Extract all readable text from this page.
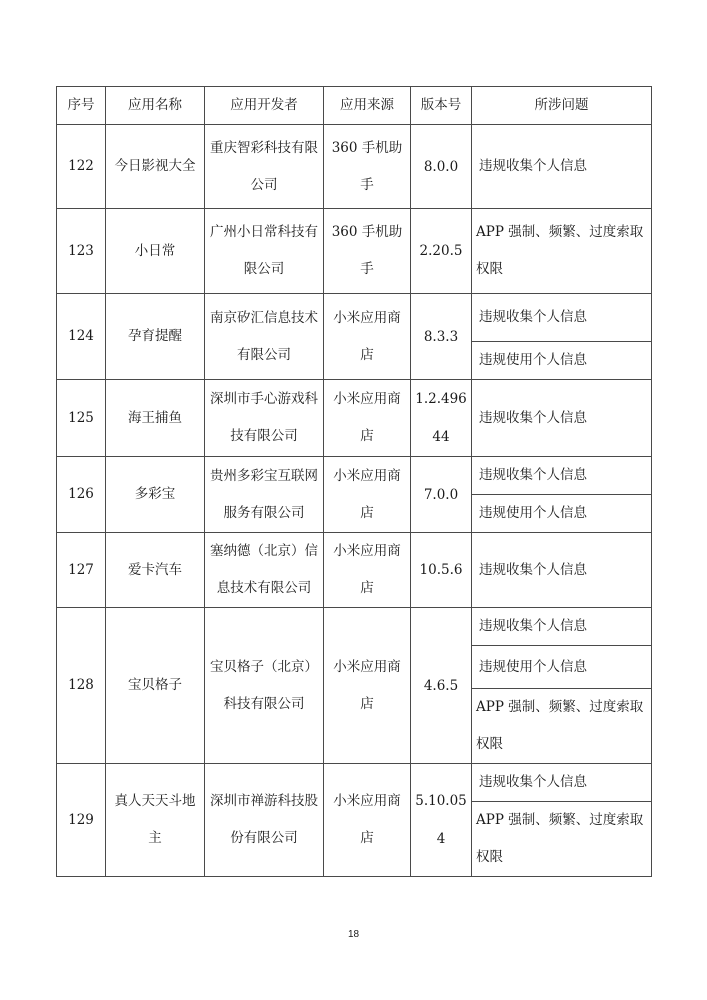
序号	应用名称	应用开发者	应用来源	版本号	所涉问题
122	今日影视大全	重庆智彩科技有限公司	360 手机助手	8.0.0	违规收集个人信息
123	小日常	广州小日常科技有限公司	360 手机助手	2.20.5	APP 强制、频繁、过度索取权限
124	孕育提醒	南京矽汇信息技术有限公司	小米应用商店	8.3.3	违规收集个人信息
					违规使用个人信息
125	海王捕鱼	深圳市手心游戏科技有限公司	小米应用商店	1.2.49644	违规收集个人信息
126	多彩宝	贵州多彩宝互联网服务有限公司	小米应用商店	7.0.0	违规收集个人信息
					违规使用个人信息
127	爱卡汽车	塞纳德（北京）信息技术有限公司	小米应用商店	10.5.6	违规收集个人信息
128	宝贝格子	宝贝格子（北京）科技有限公司	小米应用商店	4.6.5	违规收集个人信息
					违规使用个人信息
					APP 强制、频繁、过度索取权限
129	真人天天斗地主	深圳市禅游科技股份有限公司	小米应用商店	5.10.054	违规收集个人信息
					APP 强制、频繁、过度索取权限
18
